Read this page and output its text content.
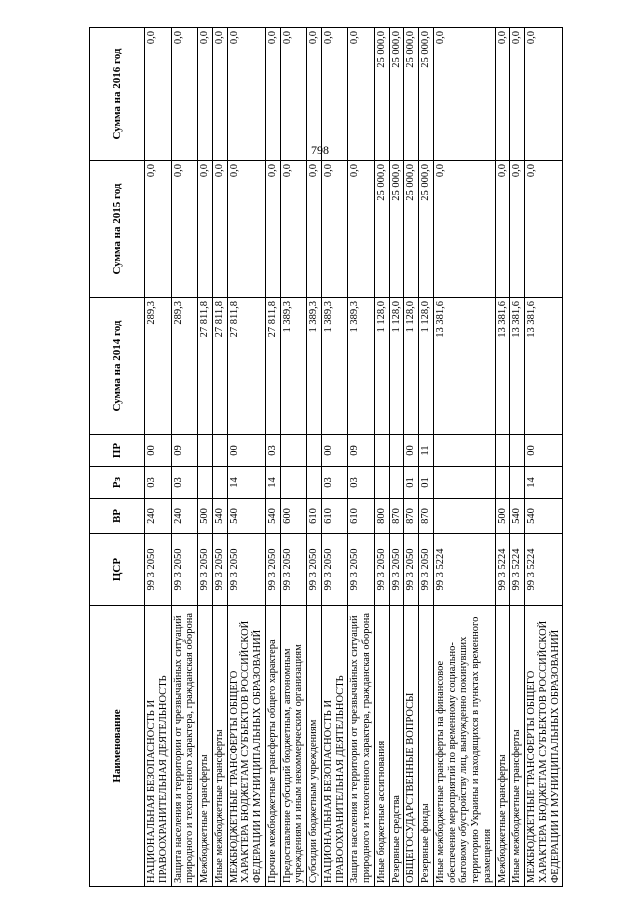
798
Наименование	ЦСР	ВР	Рз	ПР	Сумма на 2014 год	Сумма на 2015 год	Сумма на 2016 год
НАЦИОНАЛЬНАЯ БЕЗОПАСНОСТЬ И ПРАВООХРАНИТЕЛЬНАЯ ДЕЯТЕЛЬНОСТЬ	99 3 2050	240	03	00	289,3	0,0	0,0
Защита населения и территории от чрезвычайных ситуаций природного и техногенного характера, гражданская оборона	99 3 2050	240	03	09	289,3	0,0	0,0
Межбюджетные трансферты	99 3 2050	500			27 811,8	0,0	0,0
Иные межбюджетные трансферты	99 3 2050	540			27 811,8	0,0	0,0
МЕЖБЮДЖЕТНЫЕ ТРАНСФЕРТЫ ОБЩЕГО ХАРАКТЕРА БЮДЖЕТАМ СУБЪЕКТОВ РОССИЙСКОЙ ФЕДЕРАЦИИ И МУНИЦИПАЛЬНЫХ ОБРАЗОВАНИЙ	99 3 2050	540	14	00	27 811,8	0,0	0,0
Прочие межбюджетные трансферты общего характера	99 3 2050	540	14	03	27 811,8	0,0	0,0
Предоставление субсидий бюджетным, автономным учреждениям и иным некоммерческим организациям	99 3 2050	600			1 389,3	0,0	0,0
Субсидии бюджетным учреждениям	99 3 2050	610			1 389,3	0,0	0,0
НАЦИОНАЛЬНАЯ БЕЗОПАСНОСТЬ И ПРАВООХРАНИТЕЛЬНАЯ ДЕЯТЕЛЬНОСТЬ	99 3 2050	610	03	00	1 389,3	0,0	0,0
Защита населения и территории от чрезвычайных ситуаций природного и техногенного характера, гражданская оборона	99 3 2050	610	03	09	1 389,3	0,0	0,0
Иные бюджетные ассигнования	99 3 2050	800			1 128,0	25 000,0	25 000,0
Резервные средства	99 3 2050	870			1 128,0	25 000,0	25 000,0
ОБЩЕГОСУДАРСТВЕННЫЕ ВОПРОСЫ	99 3 2050	870	01	00	1 128,0	25 000,0	25 000,0
Резервные фонды	99 3 2050	870	01	11	1 128,0	25 000,0	25 000,0
Иные межбюджетные трансферты на финансовое обеспечение мероприятий по временному социально-бытовому обустройству лиц, вынужденно покинувших территорию Украины и находящихся в пунктах временного размещения	99 3 5224				13 381,6	0,0	0,0
Межбюджетные трансферты	99 3 5224	500			13 381,6	0,0	0,0
Иные межбюджетные трансферты	99 3 5224	540			13 381,6	0,0	0,0
МЕЖБЮДЖЕТНЫЕ ТРАНСФЕРТЫ ОБЩЕГО ХАРАКТЕРА БЮДЖЕТАМ СУБЪЕКТОВ РОССИЙСКОЙ ФЕДЕРАЦИИ И МУНИЦИПАЛЬНЫХ ОБРАЗОВАНИЙ	99 3 5224	540	14	00	13 381,6	0,0	0,0
